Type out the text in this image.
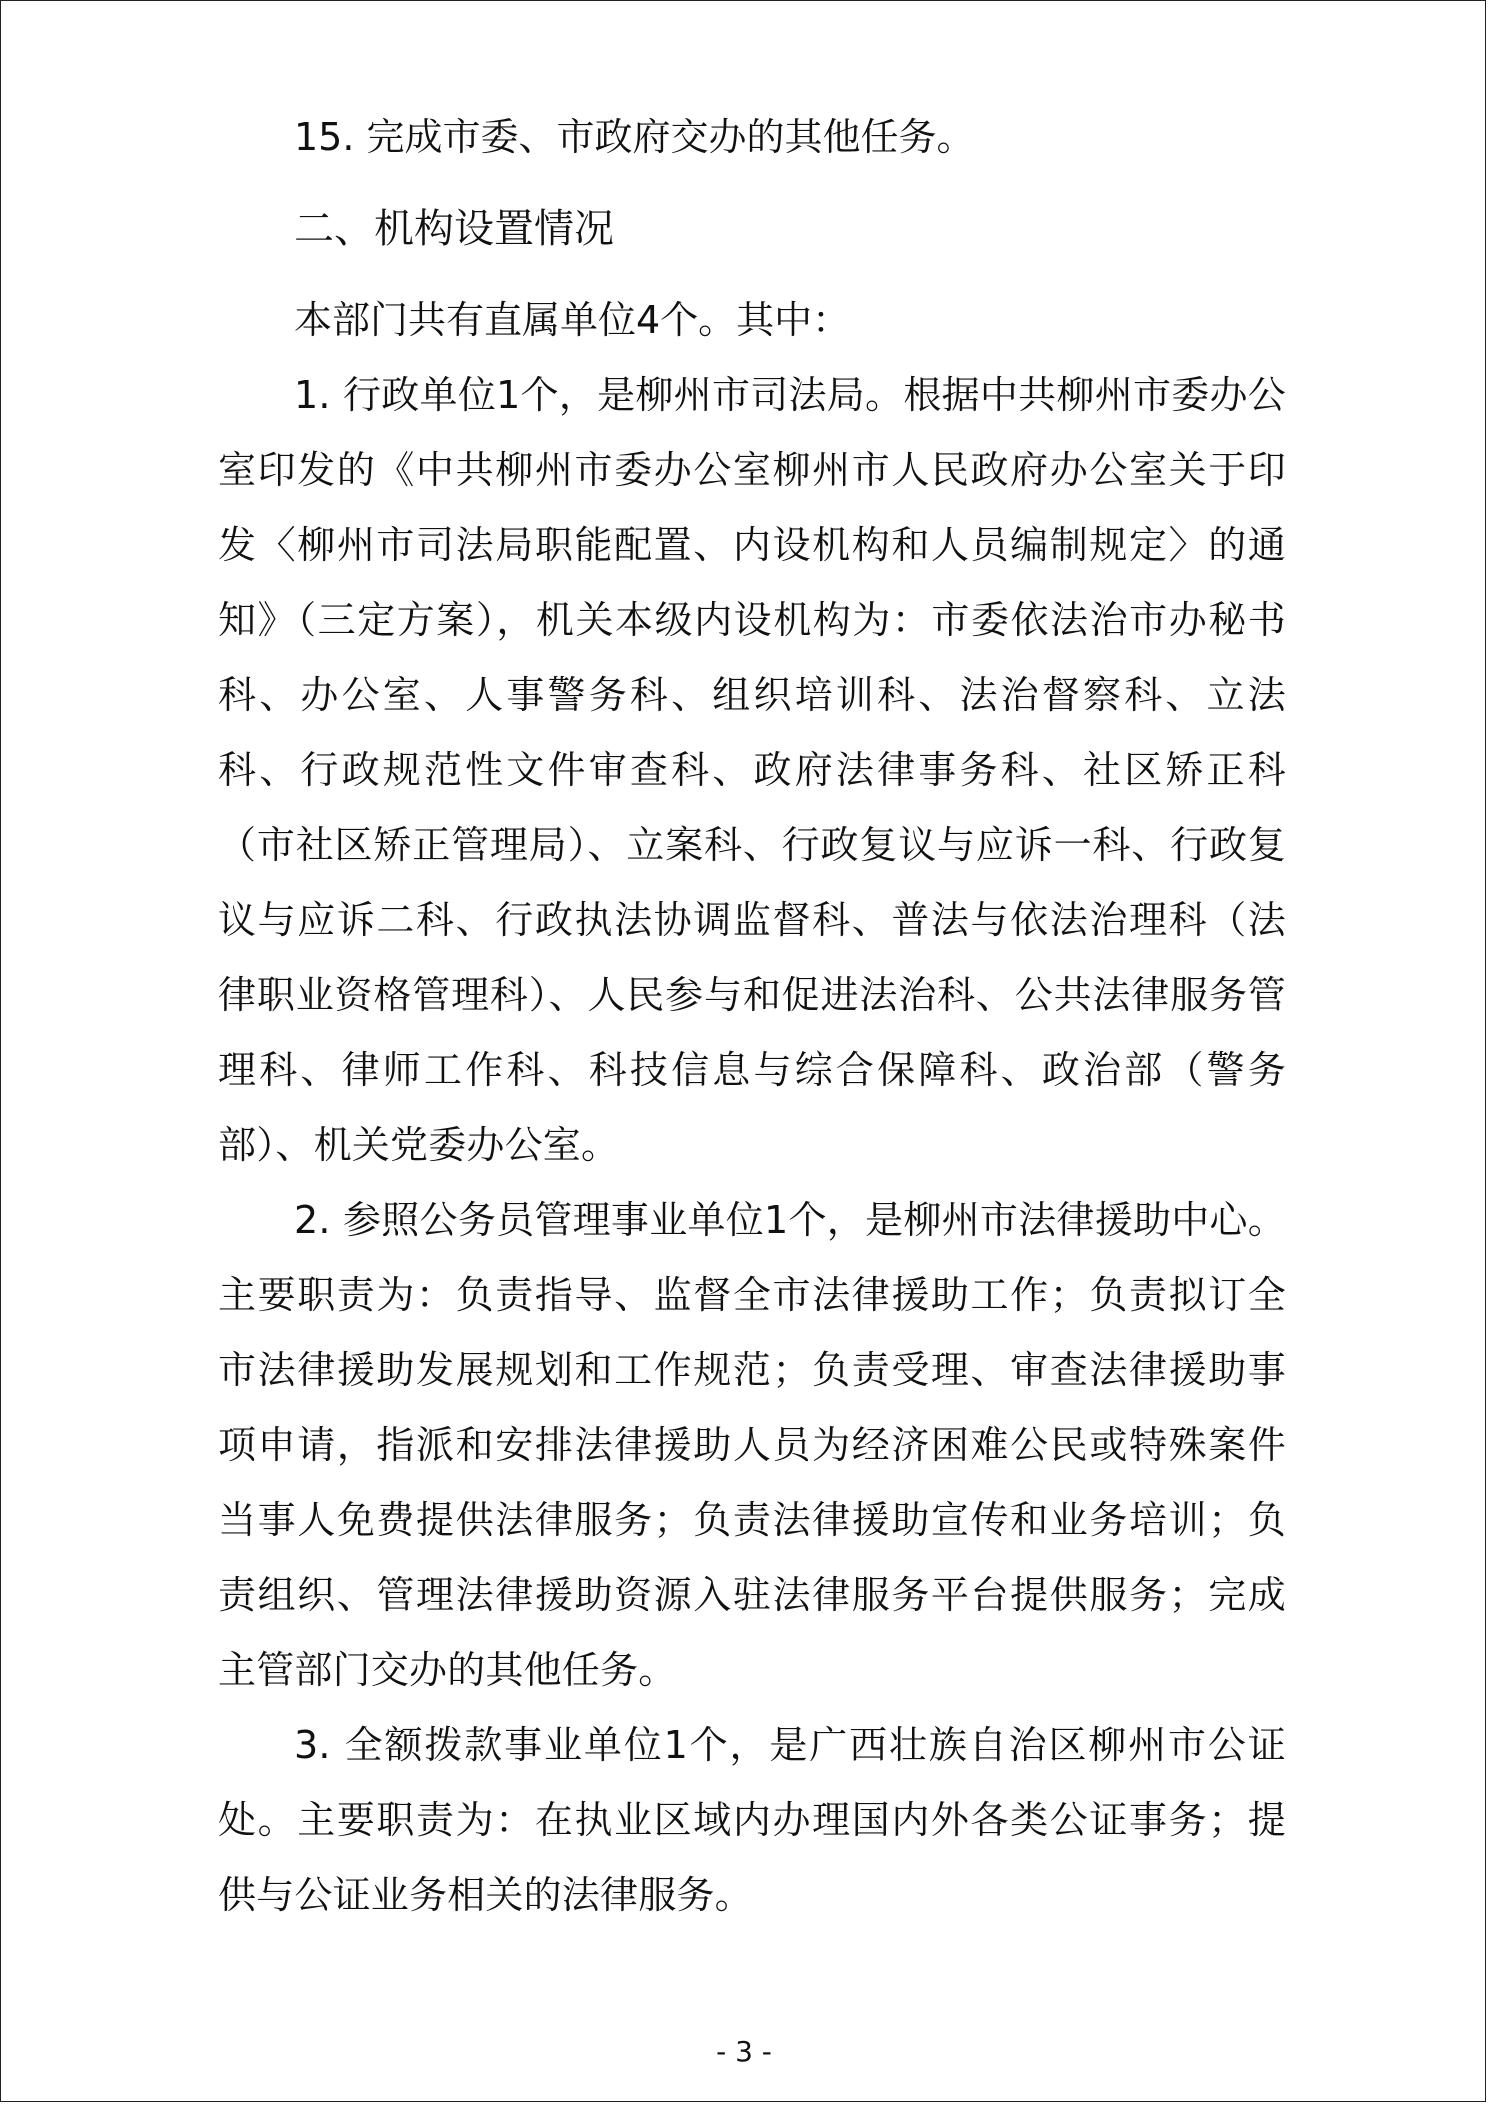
15. 完成市委、市政府交办的其他任务。

二、机构设置情况

本部门共有直属单位4个。其中：

1. 行政单位1个，是柳州市司法局。根据中共柳州市委办公室印发的《中共柳州市委办公室柳州市人民政府办公室关于印发〈柳州市司法局职能配置、内设机构和人员编制规定〉的通知》（三定方案），机关本级内设机构为：市委依法治市办秘书科、办公室、人事警务科、组织培训科、法治督察科、立法科、行政规范性文件审查科、政府法律事务科、社区矫正科（市社区矫正管理局）、立案科、行政复议与应诉一科、行政复议与应诉二科、行政执法协调监督科、普法与依法治理科（法律职业资格管理科）、人民参与和促进法治科、公共法律服务管理科、律师工作科、科技信息与综合保障科、政治部（警务部）、机关党委办公室。

2. 参照公务员管理事业单位1个，是柳州市法律援助中心。主要职责为：负责指导、监督全市法律援助工作；负责拟订全市法律援助发展规划和工作规范；负责受理、审查法律援助事项申请，指派和安排法律援助人员为经济困难公民或特殊案件当事人免费提供法律服务；负责法律援助宣传和业务培训；负责组织、管理法律援助资源入驻法律服务平台提供服务；完成主管部门交办的其他任务。

3. 全额拨款事业单位1个，是广西壮族自治区柳州市公证处。主要职责为：在执业区域内办理国内外各类公证事务；提供与公证业务相关的法律服务。

- 3 -
